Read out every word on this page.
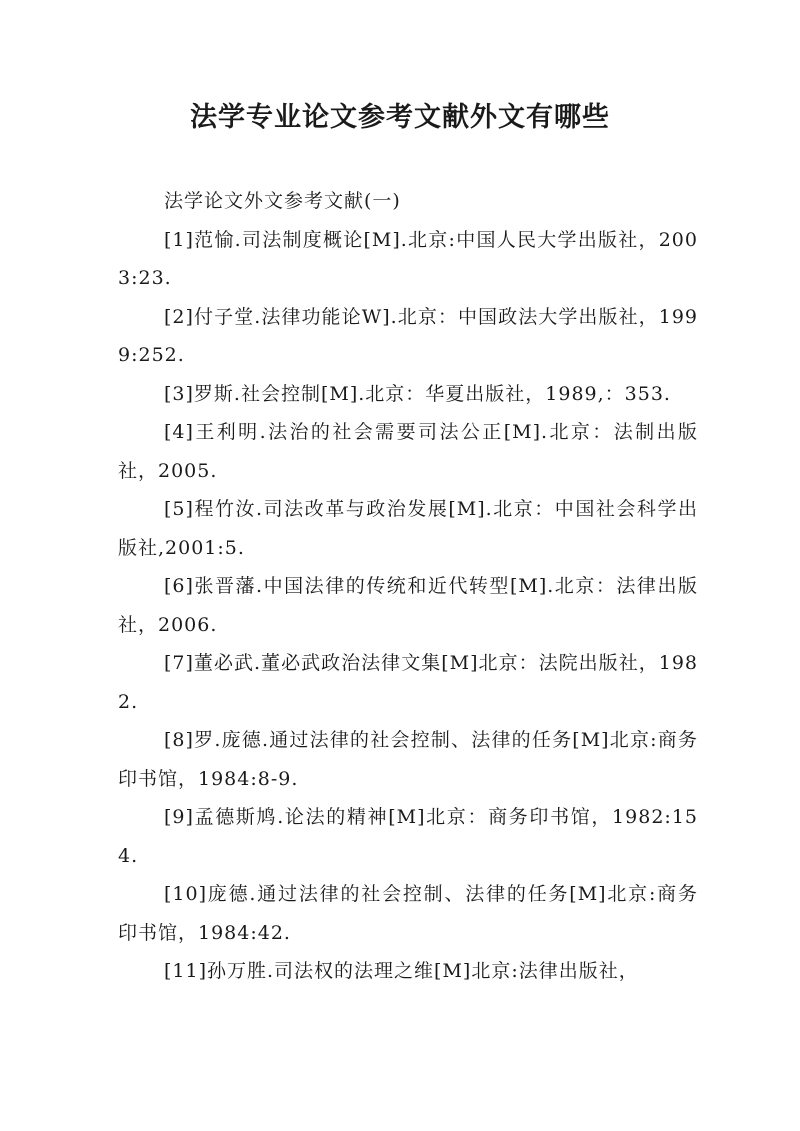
法学专业论文参考文献外文有哪些

法学论文外文参考文献(一)

[1]范愉.司法制度概论[M].北京:中国人民大学出版社，2003:23.

[2]付子堂.法律功能论W].北京：中国政法大学出版社，1999:252.

[3]罗斯.社会控制[M].北京：华夏出版社，1989,：353.

[4]王利明.法治的社会需要司法公正[M].北京：法制出版社，2005.

[5]程竹汝.司法改革与政治发展[M].北京：中国社会科学出版社,2001:5.

[6]张晋藩.中国法律的传统和近代转型[M].北京：法律出版社，2006.

[7]董必武.董必武政治法律文集[M]北京：法院出版社，1982.

[8]罗.庞德.通过法律的社会控制、法律的任务[M]北京:商务印书馆，1984:8-9.

[9]孟德斯鸠.论法的精神[M]北京：商务印书馆，1982:154.

[10]庞德.通过法律的社会控制、法律的任务[M]北京:商务印书馆，1984:42.

[11]孙万胜.司法权的法理之维[M]北京:法律出版社，
